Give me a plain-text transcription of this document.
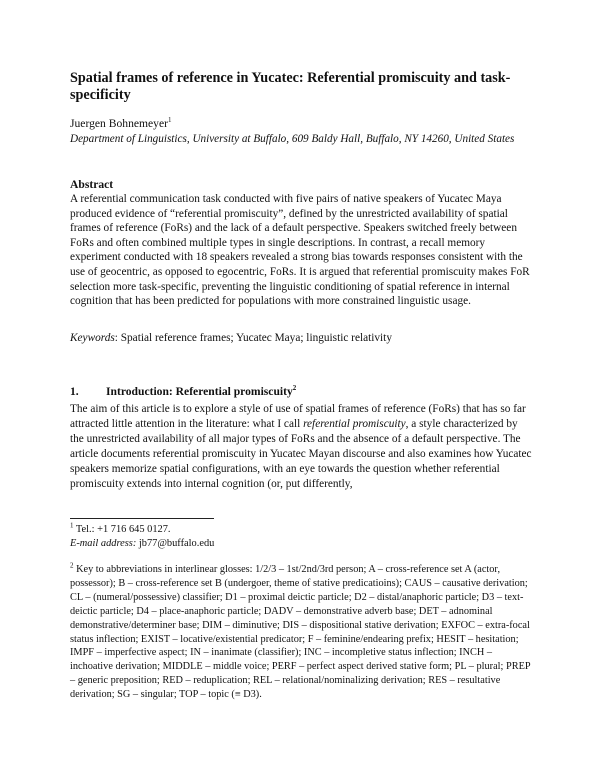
Spatial frames of reference in Yucatec: Referential promiscuity and task-specificity
Juergen Bohnemeyer$^1$
Department of Linguistics, University at Buffalo, 609 Baldy Hall, Buffalo, NY 14260, United States
Abstract
A referential communication task conducted with five pairs of native speakers of Yucatec Maya produced evidence of “referential promiscuity”, defined by the unrestricted availability of spatial frames of reference (FoRs) and the lack of a default perspective. Speakers switched freely between FoRs and often combined multiple types in single descriptions. In contrast, a recall memory experiment conducted with 18 speakers revealed a strong bias towards responses consistent with the use of geocentric, as opposed to egocentric, FoRs. It is argued that referential promiscuity makes FoR selection more task-specific, preventing the linguistic conditioning of spatial reference in internal cognition that has been predicted for populations with more constrained linguistic usage.
Keywords: Spatial reference frames; Yucatec Maya; linguistic relativity
1. Introduction: Referential promiscuity$^2$
The aim of this article is to explore a style of use of spatial frames of reference (FoRs) that has so far attracted little attention in the literature: what I call referential promiscuity, a style characterized by the unrestricted availability of all major types of FoRs and the absence of a default perspective. The article documents referential promiscuity in Yucatec Mayan discourse and also examines how Yucatec speakers memorize spatial configurations, with an eye towards the question whether referential promiscuity extends into internal cognition (or, put differently,
$^1$ Tel.: +1 716 645 0127.
E-mail address: jb77@buffalo.edu
$^2$ Key to abbreviations in interlinear glosses: 1/2/3 – 1st/2nd/3rd person; A – cross-reference set A (actor, possessor); B – cross-reference set B (undergoer, theme of stative predicatioins); CAUS – causative derivation; CL – (numeral/possessive) classifier; D1 – proximal deictic particle; D2 – distal/anaphoric particle; D3 – text-deictic particle; D4 – place-anaphoric particle; DADV – demonstrative adverb base; DET – adnominal demonstrative/determiner base; DIM – diminutive; DIS – dispositional stative derivation; EXFOC – extra-focal status inflection; EXIST – locative/existential predicator; F – feminine/endearing prefix; HESIT – hesitation; IMPF – imperfective aspect; IN – inanimate (classifier); INC – incompletive status inflection; INCH – inchoative derivation; MIDDLE – middle voice; PERF – perfect aspect derived stative form; PL – plural; PREP – generic preposition; RED – reduplication; REL – relational/nominalizing derivation; RES – resultative derivation; SG – singular; TOP – topic (≡ D3).
